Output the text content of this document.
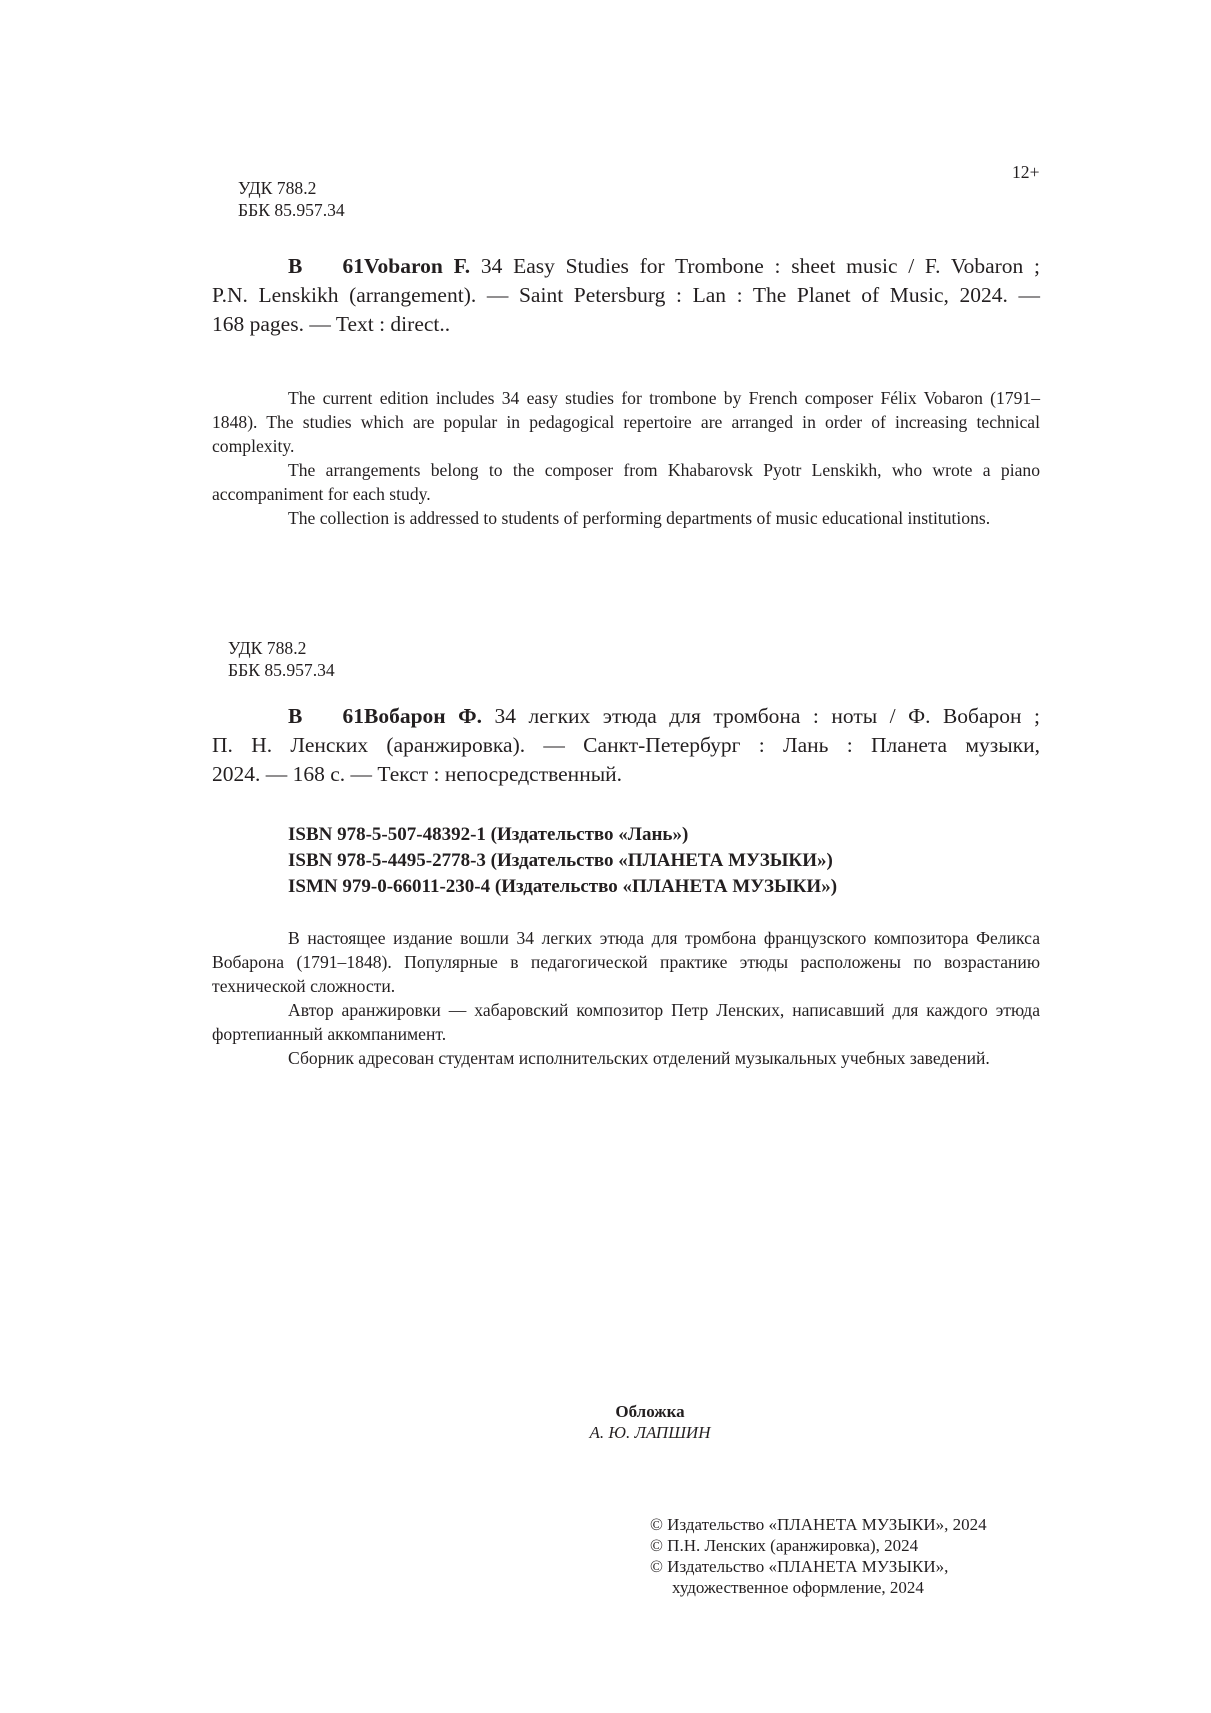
12+
УДК 788.2
ББК 85.957.34
В 61Vobaron F. 34 Easy Studies for Trombone : sheet music / F. Vobaron ;
P.N. Lenskikh (arrangement). — Saint Petersburg : Lan : The Planet of Music, 2024. —
168 pages. — Text : direct..
The current edition includes 34 easy studies for trombone by French composer Félix Vobaron (1791–1848). The studies which are popular in pedagogical repertoire are arranged in order of increasing technical complexity.
The arrangements belong to the composer from Khabarovsk Pyotr Lenskikh, who wrote a piano accompaniment for each study.
The collection is addressed to students of performing departments of music educational institutions.
УДК 788.2
ББК 85.957.34
В 61Вобарон Ф. 34 легких этюда для тромбона : ноты / Ф. Вобарон ;
П. Н. Ленских (аранжировка). — Санкт-Петербург : Лань : Планета музыки,
2024. — 168 с. — Текст : непосредственный.
ISBN 978-5-507-48392-1 (Издательство «Лань»)
ISBN 978-5-4495-2778-3 (Издательство «ПЛАНЕТА МУЗЫКИ»)
ISMN 979-0-66011-230-4 (Издательство «ПЛАНЕТА МУЗЫКИ»)
В настоящее издание вошли 34 легких этюда для тромбона французского композитора Феликса Вобарона (1791–1848). Популярные в педагогической практике этюды расположены по возрастанию технической сложности.
Автор аранжировки — хабаровский композитор Петр Ленских, написавший для каждого этюда фортепианный аккомпанимент.
Сборник адресован студентам исполнительских отделений музыкальных учебных заведений.
Обложка
А. Ю. ЛАПШИН
© Издательство «ПЛАНЕТА МУЗЫКИ», 2024
© П.Н. Ленских (аранжировка), 2024
© Издательство «ПЛАНЕТА МУЗЫКИ»,
художественное оформление, 2024
